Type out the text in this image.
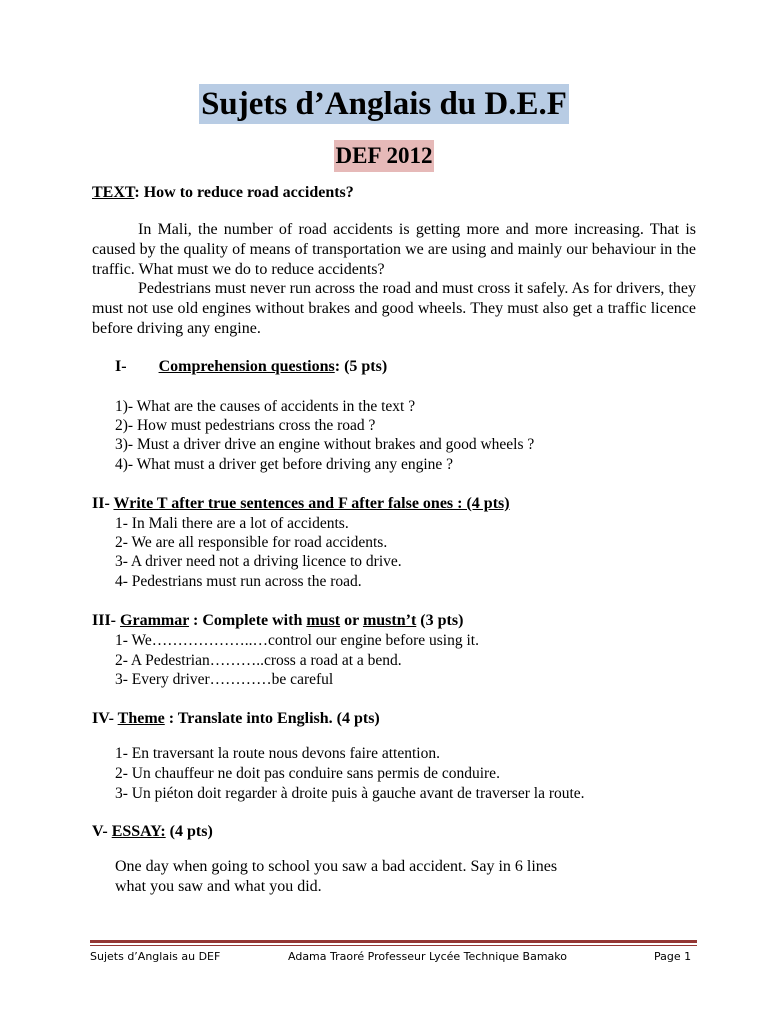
Sujets d’Anglais du D.E.F
DEF 2012
TEXT: How to reduce road accidents?
In Mali, the number of road accidents is getting more and more increasing. That is caused by the quality of means of transportation we are using and mainly our behaviour in the traffic. What must we do to reduce accidents?
Pedestrians must never run across the road and must cross it safely. As for drivers, they must not use old engines without brakes and good wheels. They must also get a traffic licence before driving any engine.
I- Comprehension questions: (5 pts)
1)- What are the causes of accidents in the text ?
2)- How must pedestrians cross the road ?
3)- Must a driver drive an engine without brakes and good wheels ?
4)- What must a driver get before driving any engine ?
II- Write T after true sentences and F after false ones : (4 pts)
1- In Mali there are a lot of accidents.
2- We are all responsible for road accidents.
3- A driver need not a driving licence to drive.
4- Pedestrians must run across the road.
III- Grammar : Complete with must or mustn’t (3 pts)
1- We………………..…control our engine before using it.
2- A Pedestrian………..cross a road at a bend.
3- Every driver…………be careful
IV- Theme : Translate into English. (4 pts)
1- En traversant la route nous devons faire attention.
2- Un chauffeur ne doit pas conduire sans permis de conduire.
3- Un piéton doit regarder à droite puis à gauche avant de traverser la route.
V- ESSAY: (4 pts)
One day when going to school you saw a bad accident. Say in 6 lines
what you saw and what you did.
Sujets d’Anglais au DEF	Adama Traoré Professeur Lycée Technique Bamako	Page 1
